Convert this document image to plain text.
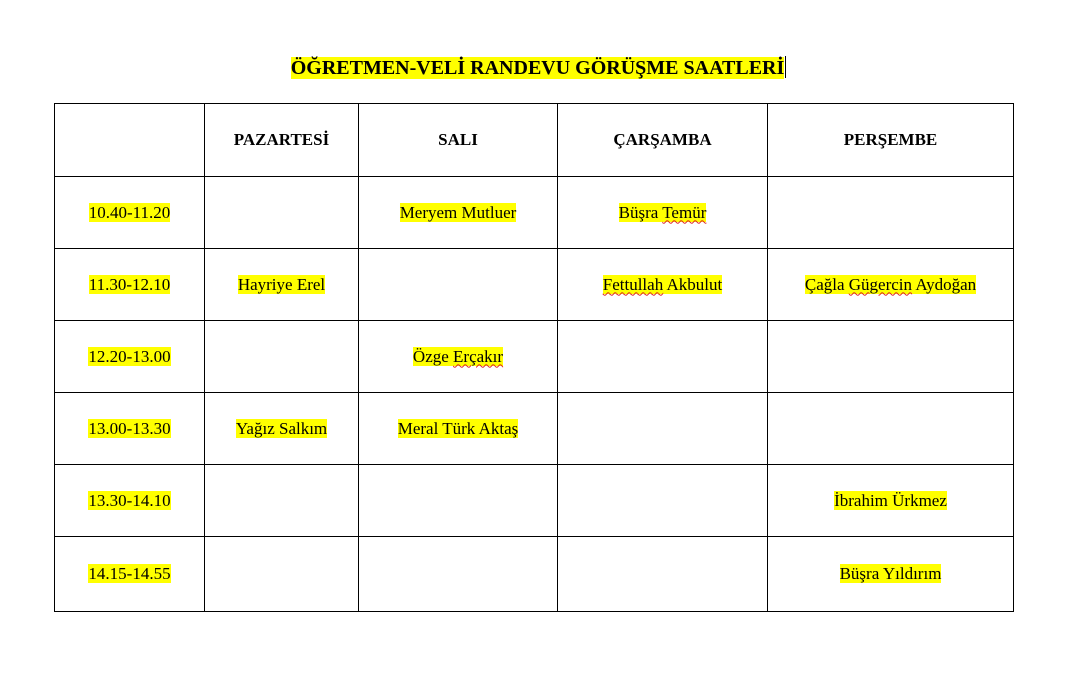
ÖĞRETMEN-VELİ RANDEVU GÖRÜŞME SAATLERİ
	PAZARTESİ	SALI	ÇARŞAMBA	PERŞEMBE
10.40-11.20		Meryem Mutluer	Büşra Temür	
11.30-12.10	Hayriye Erel		Fettullah Akbulut	Çağla Gügercin Aydoğan
12.20-13.00		Özge Erçakır		
13.00-13.30	Yağız Salkım	Meral Türk Aktaş		
13.30-14.10				İbrahim Ürkmez
14.15-14.55				Büşra Yıldırım
